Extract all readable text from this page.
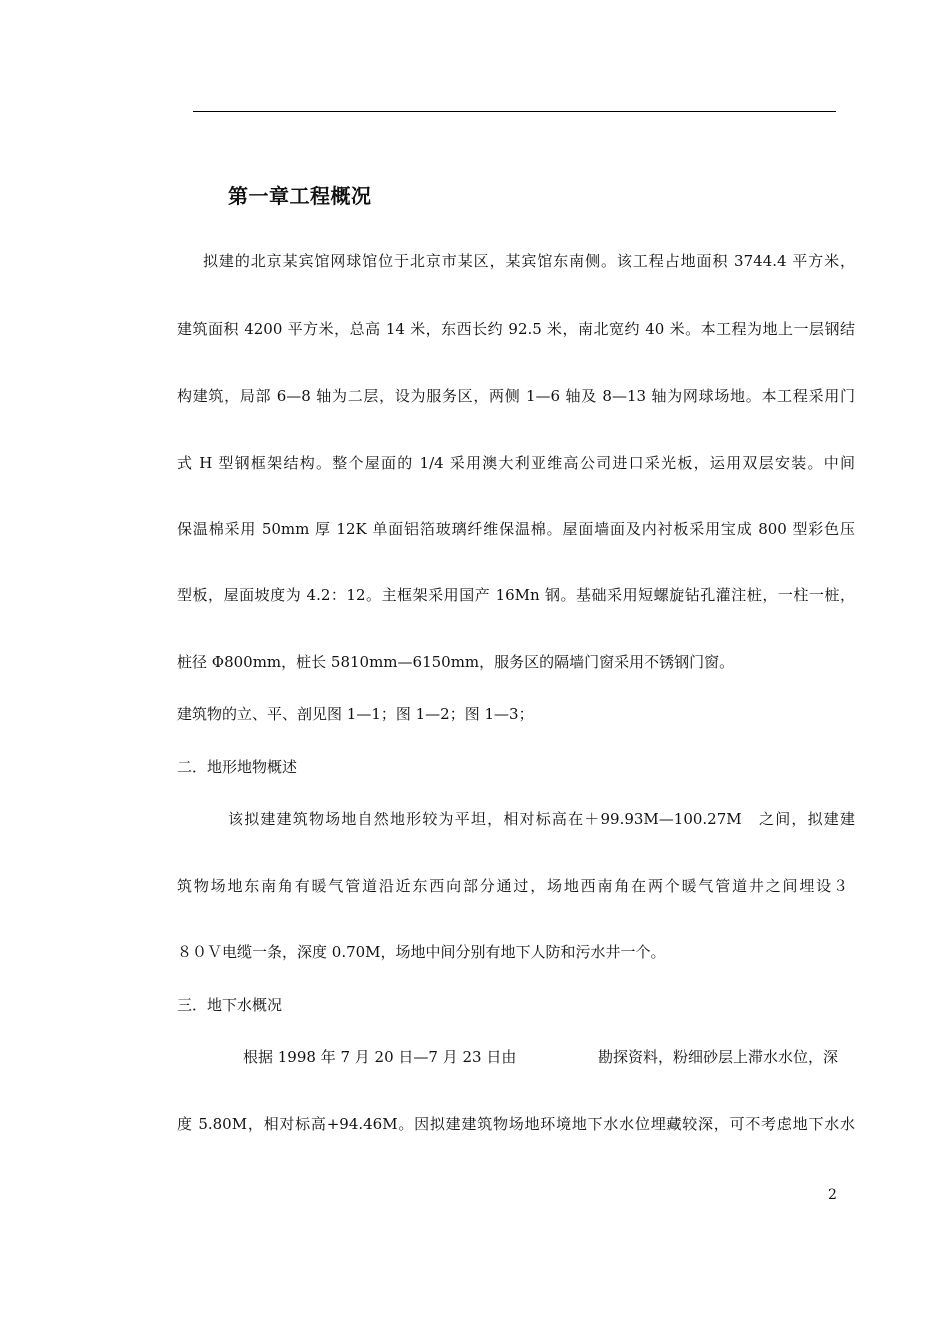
第一章工程概况
拟建的北京某宾馆网球馆位于北京市某区，某宾馆东南侧。该工程占地面积 3744.4 平方米，
建筑面积 4200 平方米，总高 14 米，东西长约 92.5 米，南北宽约 40 米。本工程为地上一层钢结
构建筑，局部 6—8 轴为二层，设为服务区，两侧 1—6 轴及 8—13 轴为网球场地。本工程采用门
式 H 型钢框架结构。整个屋面的 1/4 采用澳大利亚维高公司进口采光板，运用双层安装。中间
保温棉采用 50mm 厚 12K 单面铝箔玻璃纤维保温棉。屋面墙面及内衬板采用宝成 800 型彩色压
型板，屋面坡度为 4.2：12。主框架采用国产 16Mn 钢。基础采用短螺旋钻孔灌注桩，一柱一桩，
桩径 Φ800mm，桩长 5810mm—6150mm，服务区的隔墙门窗采用不锈钢门窗。
建筑物的立、平、剖见图 1—1；图 1—2；图 1—3；
二．地形地物概述
该拟建建筑物场地自然地形较为平坦，相对标高在＋99.93M—100.27M　之间，拟建建
筑物场地东南角有暖气管道沿近东西向部分通过，场地西南角在两个暖气管道井之间埋设３
８０Ｖ电缆一条，深度 0.70M，场地中间分别有地下人防和污水井一个。
三．地下水概况
根据 1998 年 7 月 20 日—7 月 23 日由	勘探资料，粉细砂层上滞水水位，深
度 5.80M，相对标高+94.46M。因拟建建筑物场地环境地下水水位埋藏较深，可不考虑地下水水
2
